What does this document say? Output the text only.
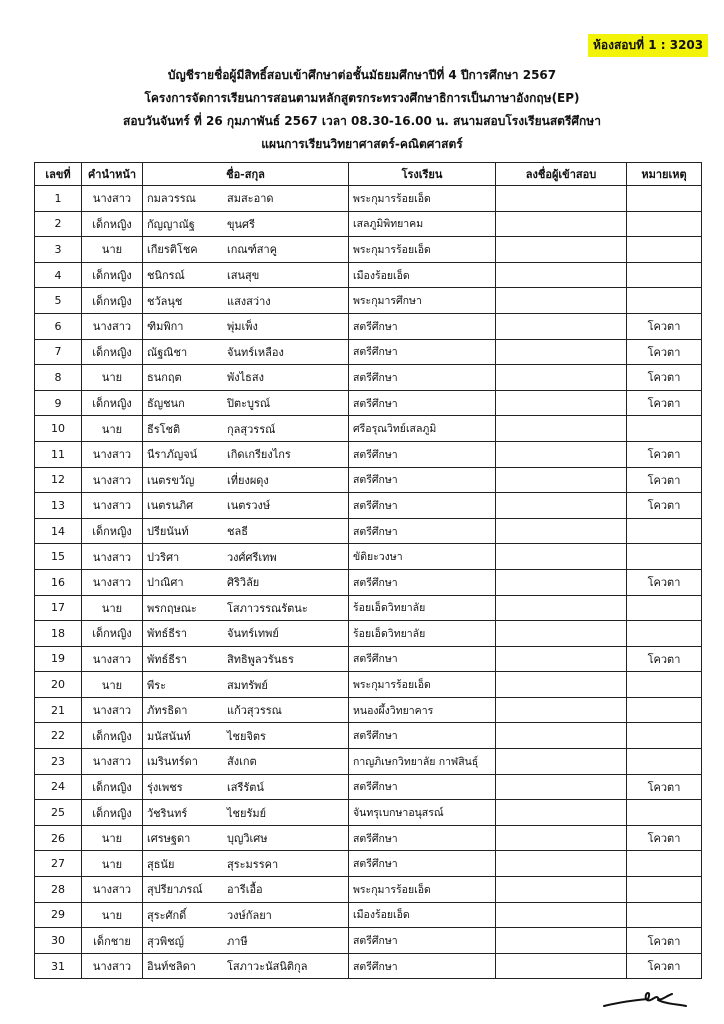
ห้องสอบที่ 1 : 3203
บัญชีรายชื่อผู้มีสิทธิ์สอบเข้าศึกษาต่อชั้นมัธยมศึกษาปีที่ 4 ปีการศึกษา 2567
โครงการจัดการเรียนการสอนตามหลักสูตรกระทรวงศึกษาธิการเป็นภาษาอังกฤษ(EP)
สอบวันจันทร์ ที่ 26 กุมภาพันธ์ 2567 เวลา 08.30-16.00 น. สนามสอบโรงเรียนสตรีศึกษา
แผนการเรียนวิทยาศาสตร์-คณิตศาสตร์
เลขที่	คำนำหน้า	ชื่อ-สกุล	โรงเรียน	ลงชื่อผู้เข้าสอบ	หมายเหตุ
1	นางสาว	กมลวรรณ สมสะอาด	พระกุมารร้อยเอ็ด		
2	เด็กหญิง	กัญญาณัฐ ขุนศรี	เสลภูมิพิทยาคม		
3	นาย	เกียรติโชค เกณฑ์สาคู	พระกุมารร้อยเอ็ด		
4	เด็กหญิง	ชนิกรณ์ เสนสุข	เมืองร้อยเอ็ด		
5	เด็กหญิง	ชวัลนุช แสงสว่าง	พระกุมารศึกษา		
6	นางสาว	ฑิมพิกา พุ่มเพ็ง	สตรีศึกษา		โควตา
7	เด็กหญิง	ณัฐณิชา จันทร์เหลือง	สตรีศึกษา		โควตา
8	นาย	ธนกฤต พังไธสง	สตรีศึกษา		โควตา
9	เด็กหญิง	ธัญชนก ปิตะบูรณ์	สตรีศึกษา		โควตา
10	นาย	ธีรโชติ กุลสุวรรณ์	ศรีอรุณวิทย์เสลภูมิ		
11	นางสาว	นีราภัญจน์ เกิดเกรียงไกร	สตรีศึกษา		โควตา
12	นางสาว	เนตรขวัญ เที่ยงผดุง	สตรีศึกษา		โควตา
13	นางสาว	เนตรนภิศ เนตรวงษ์	สตรีศึกษา		โควตา
14	เด็กหญิง	ปรียนันท์ ชลธี	สตรีศึกษา		
15	นางสาว	ปวริศา วงศ์ศรีเทพ	ขัติยะวงษา		
16	นางสาว	ปาณิศา ศิริวิลัย	สตรีศึกษา		โควตา
17	นาย	พรกฤษณะ โสภาวรรณรัตนะ	ร้อยเอ็ดวิทยาลัย		
18	เด็กหญิง	พัทธ์ธีรา จันทร์เทพย์	ร้อยเอ็ดวิทยาลัย		
19	นางสาว	พัทธ์ธีรา สิทธิพูลวรันธร	สตรีศึกษา		โควตา
20	นาย	พีระ สมทรัพย์	พระกุมารร้อยเอ็ด		
21	นางสาว	ภัทรธิดา แก้วสุวรรณ	หนองผึ้งวิทยาคาร		
22	เด็กหญิง	มนัสนันท์ ไชยจิตร	สตรีศึกษา		
23	นางสาว	เมรินทร์ดา สังเกต	กาญภิเษกวิทยาลัย กาฬสินธุ์		
24	เด็กหญิง	รุ่งเพชร เสรีรัตน์	สตรีศึกษา		โควตา
25	เด็กหญิง	วัชรินทร์ ไชยรัมย์	จันทรุเบกษาอนุสรณ์		
26	นาย	เศรษฐดา บุญวิเศษ	สตรีศึกษา		โควตา
27	นาย	สุธนัย สุระมรรคา	สตรีศึกษา		
28	นางสาว	สุปรียาภรณ์ อารีเอื้อ	พระกุมารร้อยเอ็ด		
29	นาย	สุระศักดิ์ วงษ์กัลยา	เมืองร้อยเอ็ด		
30	เด็กชาย	สุวพิชญ์ ภาษี	สตรีศึกษา		โควตา
31	นางสาว	อินท์ชลิดา โสภาวะนัสนิติกุล	สตรีศึกษา		โควตา
